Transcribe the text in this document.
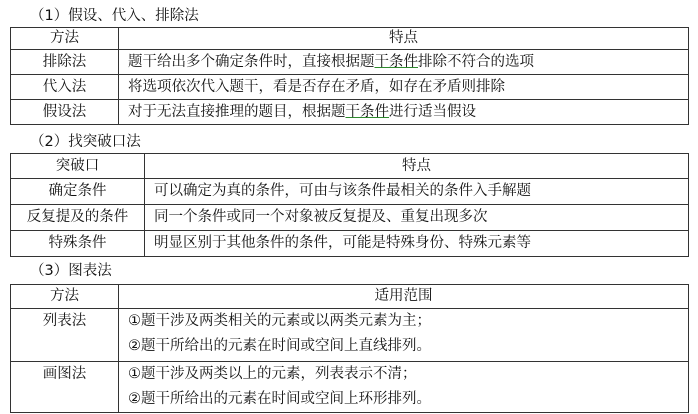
（1）假设、代入、排除法
方法	特点
排除法	题干给出多个确定条件时，直接根据题干条件排除不符合的选项
代入法	将选项依次代入题干，看是否存在矛盾，如存在矛盾则排除
假设法	对于无法直接推理的题目，根据题干条件进行适当假设
（2）找突破口法
突破口	特点
确定条件	可以确定为真的条件，可由与该条件最相关的条件入手解题
反复提及的条件	同一个条件或同一个对象被反复提及、重复出现多次
特殊条件	明显区别于其他条件的条件，可能是特殊身份、特殊元素等
（3）图表法
方法	适用范围

列表法	①题干涉及两类相关的元素或以两类元素为主；
②题干所给出的元素在时间或空间上直线排列。

画图法	①题干涉及两类以上的元素，列表表示不清；
②题干所给出的元素在时间或空间上环形排列。
